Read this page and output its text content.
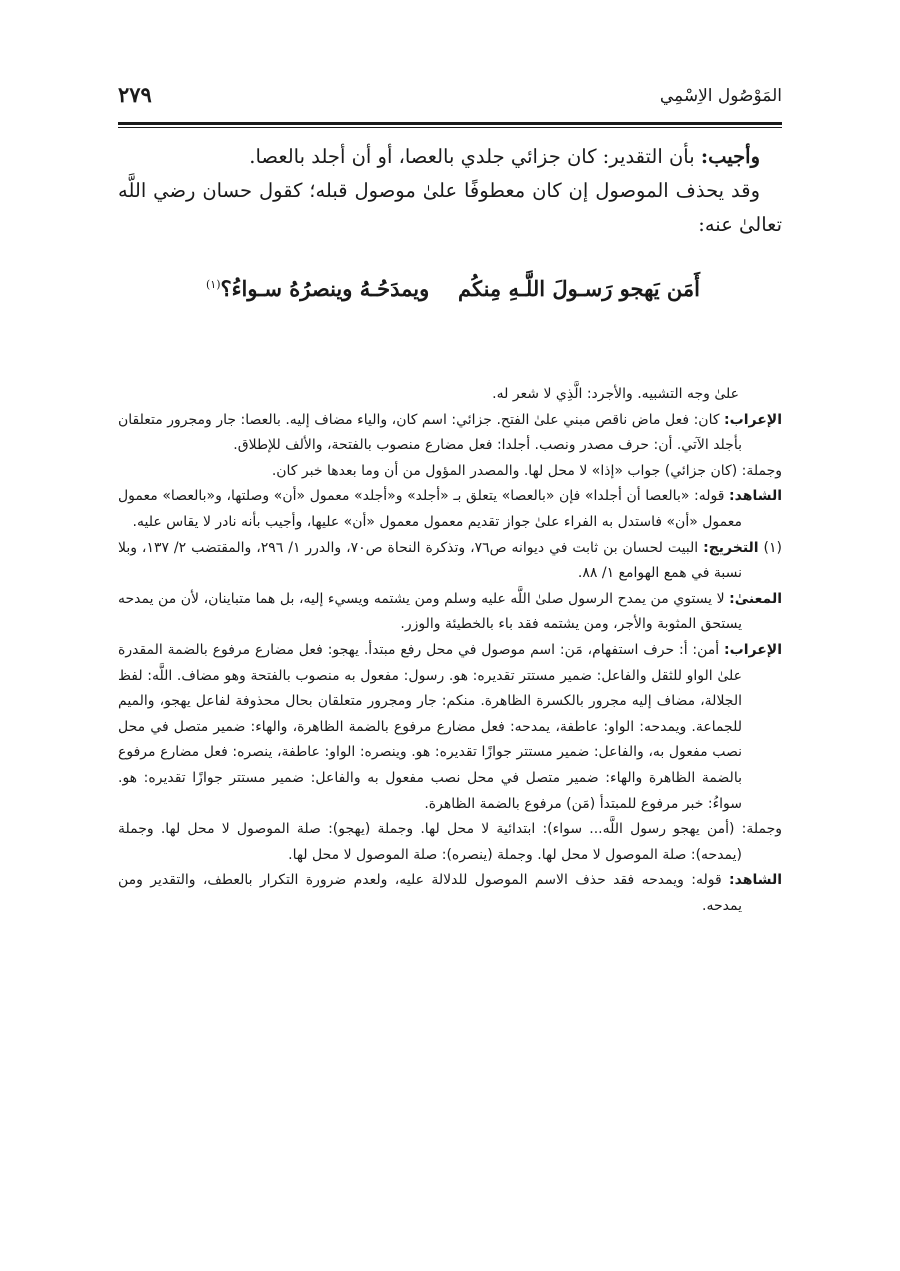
المَوْصُول الاِسْمِي
٢٧٩

وأجيب: بأن التقدير: كان جزائي جلدي بالعصا، أو أن أجلد بالعصا.

وقد يحذف الموصول إن كان معطوفًا علىٰ موصول قبله؛ كقول حسان رضي اللَّه تعالىٰ عنه:

أَمَن يَهجو رَسـولَ اللَّـهِ مِنكُم
ويمدَحُـهُ وينصرُهُ سـواءُ؟$^{(١)}$

علىٰ وجه التشبيه. والأجرد: الَّذِي لا شعر له.

الإعراب: كان: فعل ماض ناقص مبني علىٰ الفتح. جزائي: اسم كان، والياء مضاف إليه. بالعصا: جار ومجرور متعلقان بأجلد الآتي. أن: حرف مصدر ونصب. أجلدا: فعل مضارع منصوب بالفتحة، والألف للإطلاق.

وجملة: (كان جزائي) جواب «إذا» لا محل لها. والمصدر المؤول من أن وما بعدها خبر كان.

الشاهد: قوله: «بالعصا أن أجلدا» فإن «بالعصا» يتعلق بـ «أجلد» و«أجلد» معمول «أن» وصلتها، و«بالعصا» معمول معمول «أن» فاستدل به الفراء علىٰ جواز تقديم معمول معمول «أن» عليها، وأجيب بأنه نادر لا يقاس عليه.

(١) التخريج: البيت لحسان بن ثابت في ديوانه ص٧٦، وتذكرة النحاة ص٧٠، والدرر ١/ ٢٩٦، والمقتضب ٢/ ١٣٧، وبلا نسبة في همع الهوامع ١/ ٨٨.

المعنىٰ: لا يستوي من يمدح الرسول صلىٰ اللَّه عليه وسلم ومن يشتمه ويسيء إليه، بل هما متباينان، لأن من يمدحه يستحق المثوبة والأجر، ومن يشتمه فقد باء بالخطيئة والوزر.

الإعراب: أمن: أ: حرف استفهام، مَن: اسم موصول في محل رفع مبتدأ. يهجو: فعل مضارع مرفوع بالضمة المقدرة علىٰ الواو للثقل والفاعل: ضمير مستتر تقديره: هو. رسول: مفعول به منصوب بالفتحة وهو مضاف. اللَّه: لفظ الجلالة، مضاف إليه مجرور بالكسرة الظاهرة. منكم: جار ومجرور متعلقان بحال محذوفة لفاعل يهجو، والميم للجماعة. ويمدحه: الواو: عاطفة، يمدحه: فعل مضارع مرفوع بالضمة الظاهرة، والهاء: ضمير متصل في محل نصب مفعول به، والفاعل: ضمير مستتر جوازًا تقديره: هو. وينصره: الواو: عاطفة، ينصره: فعل مضارع مرفوع بالضمة الظاهرة والهاء: ضمير متصل في محل نصب مفعول به والفاعل: ضمير مستتر جوازًا تقديره: هو. سواءُ: خبر مرفوع للمبتدأ (مَن) مرفوع بالضمة الظاهرة.

وجملة: (أمن يهجو رسول اللَّه... سواء): ابتدائية لا محل لها. وجملة (يهجو): صلة الموصول لا محل لها. وجملة (يمدحه): صلة الموصول لا محل لها. وجملة (ينصره): صلة الموصول لا محل لها.

الشاهد: قوله: ويمدحه فقد حذف الاسم الموصول للدلالة عليه، ولعدم ضرورة التكرار بالعطف، والتقدير ومن يمدحه.
